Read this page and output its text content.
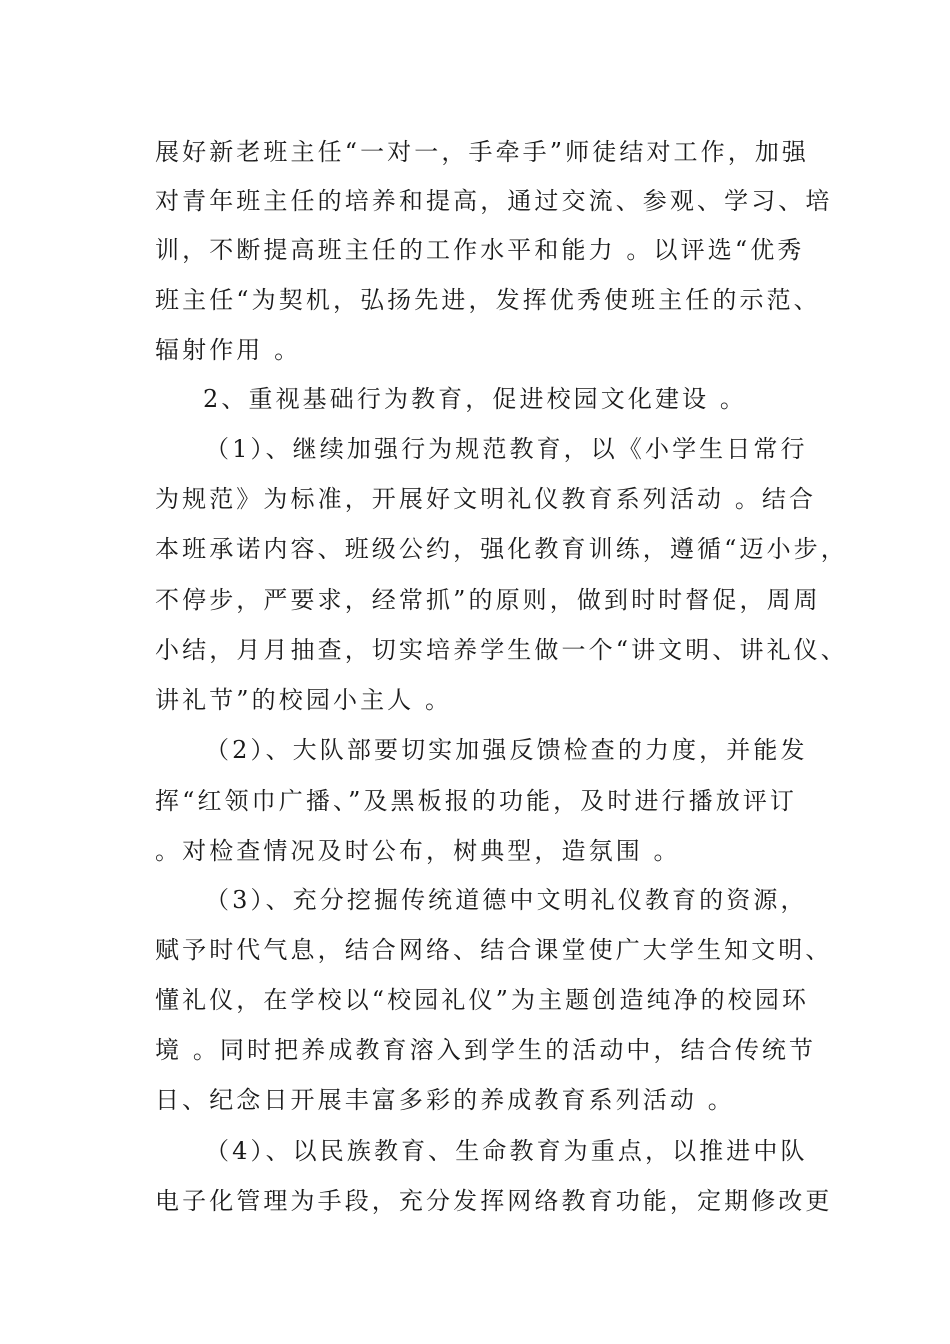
展好新老班主任“一对一，手牵手”师徒结对工作，加强
对青年班主任的培养和提高，通过交流、参观、学习、培
训，不断提高班主任的工作水平和能力 。以评选“优秀
班主任“为契机，弘扬先进，发挥优秀使班主任的示范、
辐射作用 。
2、重视基础行为教育，促进校园文化建设 。
（1）、继续加强行为规范教育，以《小学生日常行
为规范》为标准，开展好文明礼仪教育系列活动 。结合
本班承诺内容、班级公约，强化教育训练，遵循“迈小步，
不停步，严要求，经常抓”的原则，做到时时督促，周周
小结，月月抽查，切实培养学生做一个“讲文明、讲礼仪、
讲礼节”的校园小主人 。
（2）、大队部要切实加强反馈检查的力度，并能发
挥“红领巾广播、”及黑板报的功能，及时进行播放评订
。对检查情况及时公布，树典型，造氛围 。
（3）、充分挖掘传统道德中文明礼仪教育的资源，
赋予时代气息，结合网络、结合课堂使广大学生知文明、
懂礼仪，在学校以“校园礼仪”为主题创造纯净的校园环
境 。同时把养成教育溶入到学生的活动中，结合传统节
日、纪念日开展丰富多彩的养成教育系列活动 。
（4）、以民族教育、生命教育为重点，以推进中队
电子化管理为手段，充分发挥网络教育功能，定期修改更
